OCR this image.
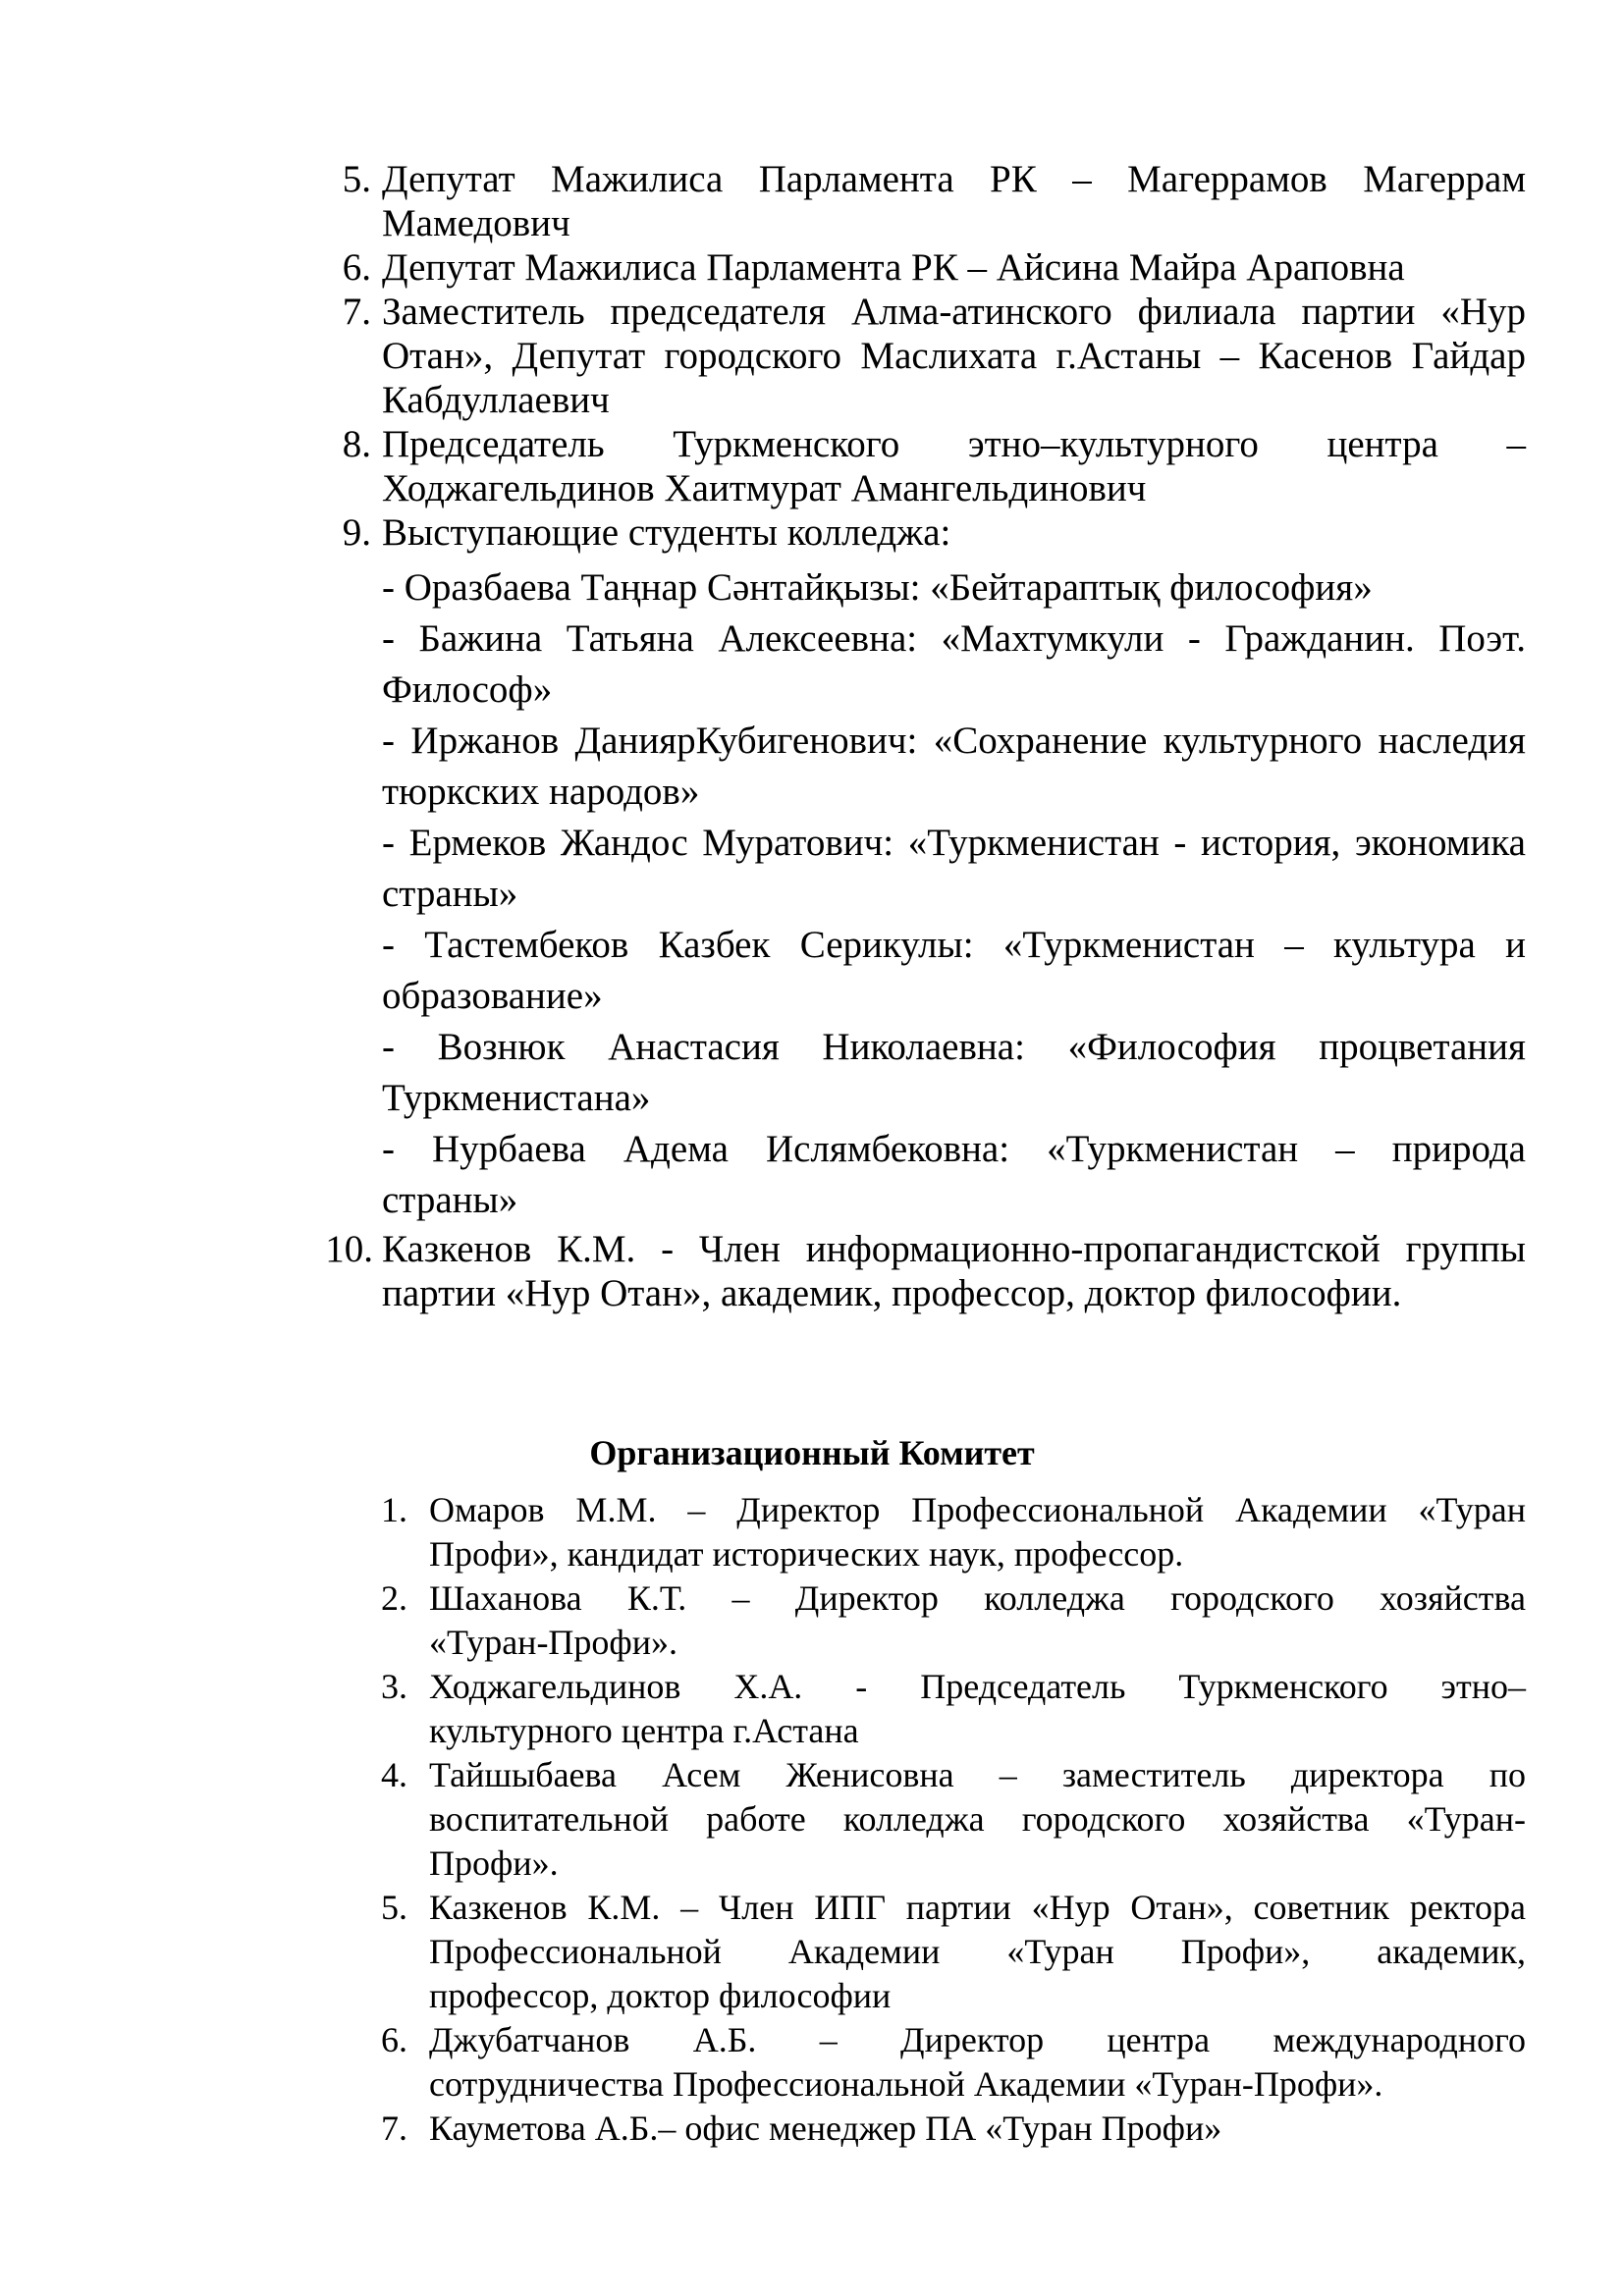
5. Депутат Мажилиса Парламента РК – Магеррамов Магеррам
Мамедович
6. Депутат Мажилиса Парламента РК – Айсина Майра Араповна
7. Заместитель председателя Алма-атинского филиала партии «Нур
Отан», Депутат городского Маслихата г.Астаны – Касенов Гайдар
Кабдуллаевич
8. Председатель Туркменского этно–культурного центра –
Ходжагельдинов Хаитмурат Амангельдинович
9. Выступающие студенты колледжа:
- Оразбаева Таңнар Сәнтайқызы: «Бейтараптық философия»
- Бажина Татьяна Алексеевна: «Махтумкули - Гражданин. Поэт.
Философ»
- Иржанов ДаниярКубигенович: «Сохранение культурного наследия
тюркских народов»
- Ермеков Жандос Муратович: «Туркменистан - история, экономика
страны»
- Тастембеков Казбек Серикулы: «Туркменистан – культура и
образование»
- Вознюк Анастасия Николаевна: «Философия процветания
Туркменистана»
- Нурбаева Адема Ислямбековна: «Туркменистан – природа
страны»
10. Казкенов К.М. - Член информационно-пропагандистской группы
партии «Нур Отан», академик, профессор, доктор философии.
Организационный Комитет
1. Омаров М.М. – Директор Профессиональной Академии «Туран
Профи», кандидат исторических наук, профессор.
2. Шаханова К.Т. – Директор колледжа городского хозяйства
«Туран-Профи».
3. Ходжагельдинов Х.А. - Председатель Туркменского этно–
культурного центра г.Астана
4. Тайшыбаева Асем Женисовна – заместитель директора по
воспитательной работе колледжа городского хозяйства «Туран-
Профи».
5. Казкенов К.М. – Член ИПГ партии «Нур Отан», советник ректора
Профессиональной Академии «Туран Профи», академик,
профессор, доктор философии
6. Джубатчанов А.Б. – Директор центра международного
сотрудничества Профессиональной Академии «Туран-Профи».
7. Кауметова А.Б.– офис менеджер ПА «Туран Профи»
